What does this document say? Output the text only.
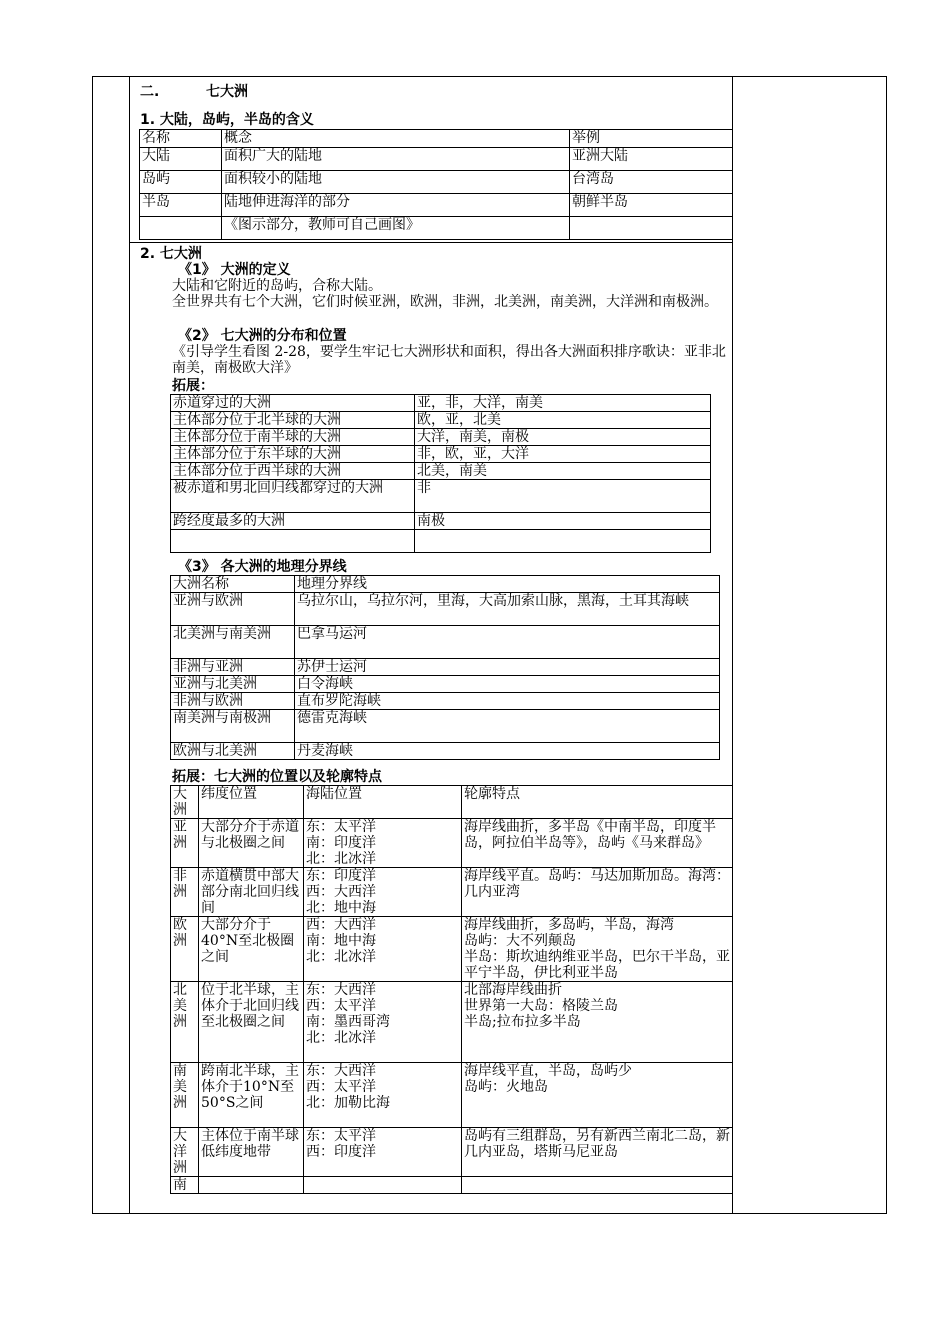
二.	七大洲
1. 大陆，岛屿，半岛的含义
名称	概念	举例
大陆	面积广大的陆地	亚洲大陆
岛屿	面积较小的陆地	台湾岛
半岛	陆地伸进海洋的部分	朝鲜半岛
	《图示部分，教师可自己画图》	
2. 七大洲
《1》 大洲的定义
大陆和它附近的岛屿，合称大陆。
全世界共有七个大洲，它们时候亚洲，欧洲，非洲，北美洲，南美洲，大洋洲和南极洲。
《2》 七大洲的分布和位置
《引导学生看图 2-28，要学生牢记七大洲形状和面积，得出各大洲面积排序歌诀：亚非北南美，南极欧大洋》
拓展：
赤道穿过的大洲	亚，非，大洋，南美
主体部分位于北半球的大洲	欧，亚，北美
主体部分位于南半球的大洲	大洋，南美，南极
主体部分位于东半球的大洲	非，欧，亚，大洋
主体部分位于西半球的大洲	北美，南美
被赤道和男北回归线都穿过的大洲	非
跨经度最多的大洲	南极

《3》 各大洲的地理分界线
大洲名称	地理分界线
亚洲与欧洲	乌拉尔山，乌拉尔河，里海，大高加索山脉，黑海，土耳其海峡
北美洲与南美洲	巴拿马运河
非洲与亚洲	苏伊士运河
亚洲与北美洲	白令海峡
非洲与欧洲	直布罗陀海峡
南美洲与南极洲	德雷克海峡
欧洲与北美洲	丹麦海峡
拓展：七大洲的位置以及轮廓特点
大洲	纬度位置	海陆位置	轮廓特点
亚洲	大部分介于赤道与北极圈之间	东：太平洋
南：印度洋
北：北冰洋	海岸线曲折，多半岛《中南半岛，印度半岛，阿拉伯半岛等》，岛屿《马来群岛》
非洲	赤道横贯中部大部分南北回归线间	东：印度洋
西：大西洋
北：地中海	海岸线平直。岛屿：马达加斯加岛。海湾：几内亚湾
欧洲	大部分介于40°N至北极圈之间	西：大西洋
南：地中海
北：北冰洋	海岸线曲折，多岛屿，半岛，海湾
岛屿：大不列颠岛
半岛：斯坎迪纳维亚半岛，巴尔干半岛，亚平宁半岛，伊比利亚半岛
北美洲	位于北半球，主体介于北回归线至北极圈之间	东：大西洋
西：太平洋
南：墨西哥湾
北：北冰洋	北部海岸线曲折
世界第一大岛：格陵兰岛
半岛;拉布拉多半岛
南美洲	跨南北半球，主体介于10°N至50°S之间	东：大西洋
西：太平洋
北：加勒比海	海岸线平直，半岛，岛屿少
岛屿：火地岛
大洋洲	主体位于南半球低纬度地带	东：太平洋
西：印度洋	岛屿有三组群岛，另有新西兰南北二岛，新几内亚岛，塔斯马尼亚岛
南			
